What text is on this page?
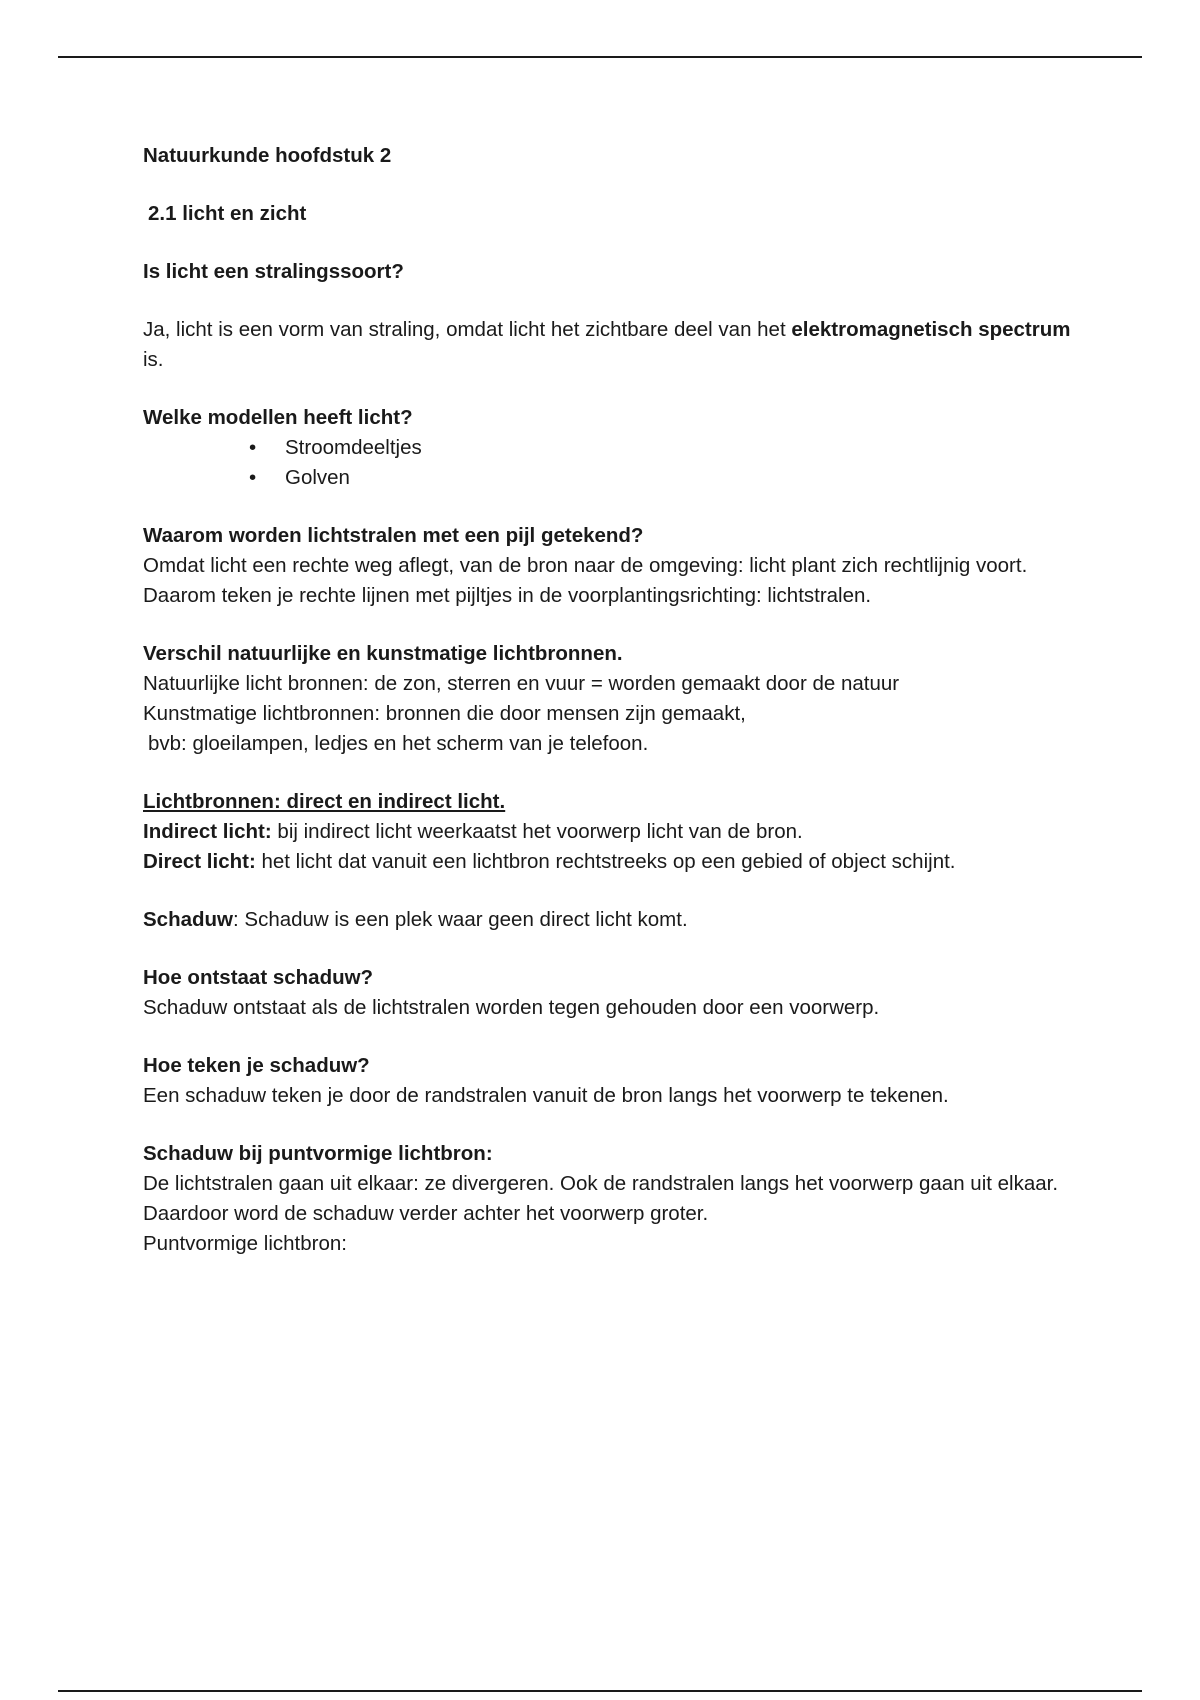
Natuurkunde hoofdstuk 2

2.1 licht en zicht

Is licht een stralingssoort?

Ja, licht is een vorm van straling, omdat licht het zichtbare deel van het elektromagnetisch spectrum is.

Welke modellen heeft licht?

• Stroomdeeltjes
• Golven

Waarom worden lichtstralen met een pijl getekend?

Omdat licht een rechte weg aflegt, van de bron naar de omgeving: licht plant zich rechtlijnig voort. Daarom teken je rechte lijnen met pijltjes in de voorplantingsrichting: lichtstralen.

Verschil natuurlijke en kunstmatige lichtbronnen.

Natuurlijke licht bronnen: de zon, sterren en vuur = worden gemaakt door de natuur

Kunstmatige lichtbronnen: bronnen die door mensen zijn gemaakt,

bvb: gloeilampen, ledjes en het scherm van je telefoon.

Lichtbronnen: direct en indirect licht.

Indirect licht: bij indirect licht weerkaatst het voorwerp licht van de bron.

Direct licht: het licht dat vanuit een lichtbron rechtstreeks op een gebied of object schijnt.

Schaduw: Schaduw is een plek waar geen direct licht komt.

Hoe ontstaat schaduw?

Schaduw ontstaat als de lichtstralen worden tegen gehouden door een voorwerp.

Hoe teken je schaduw?

Een schaduw teken je door de randstralen vanuit de bron langs het voorwerp te tekenen.

Schaduw bij puntvormige lichtbron:

De lichtstralen gaan uit elkaar: ze divergeren. Ook de randstralen langs het voorwerp gaan uit elkaar. Daardoor word de schaduw verder achter het voorwerp groter.

Puntvormige lichtbron:
